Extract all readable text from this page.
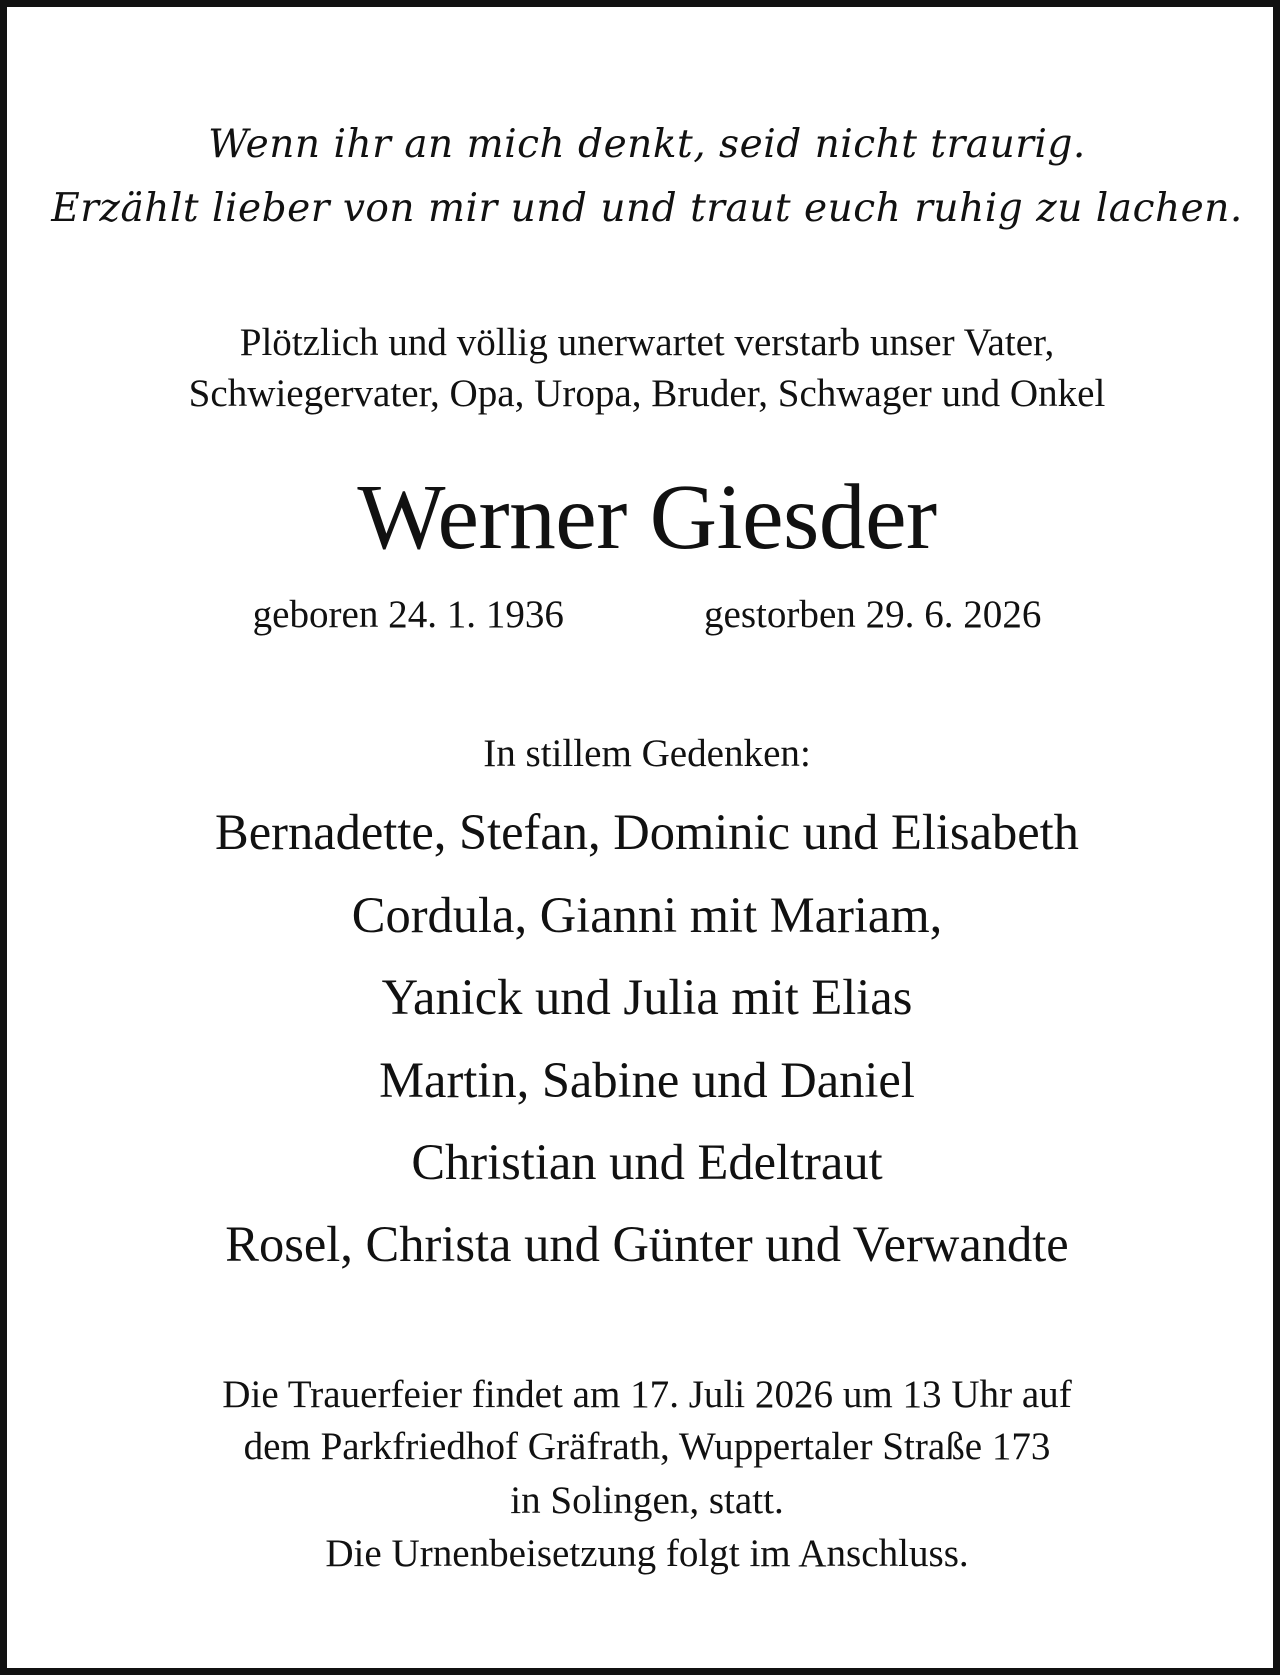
Wenn ihr an mich denkt, seid nicht traurig.
Erzählt lieber von mir und und traut euch ruhig zu lachen.
Plötzlich und völlig unerwartet verstarb unser Vater,
Schwiegervater, Opa, Uropa, Bruder, Schwager und Onkel
Werner Giesder
geboren 24. 1. 1936	gestorben 29. 6. 2026
In stillem Gedenken:
Bernadette, Stefan, Dominic und Elisabeth
Cordula, Gianni mit Mariam,
Yanick und Julia mit Elias
Martin, Sabine und Daniel
Christian und Edeltraut
Rosel, Christa und Günter und Verwandte
Die Trauerfeier findet am 17. Juli 2026 um 13 Uhr auf
dem Parkfriedhof Gräfrath, Wuppertaler Straße 173
in Solingen, statt.
Die Urnenbeisetzung folgt im Anschluss.
